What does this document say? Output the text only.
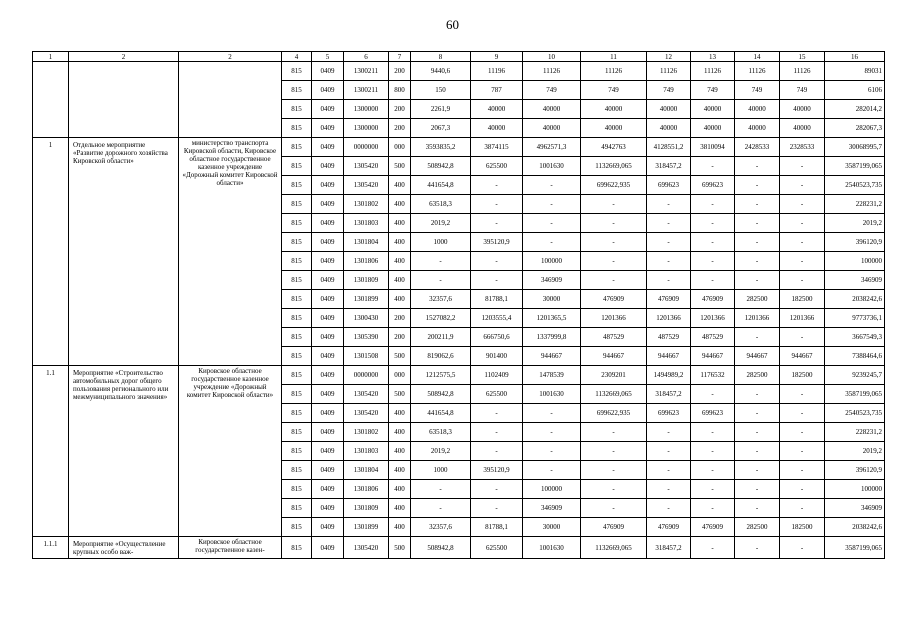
60
1	2	2	4	5	6	7	8	9	10	11	12	13	14	15	16
			815	0409	1300211	200	9440,6	11196	11126	11126	11126	11126	11126	11126	89031
			815	0409	1300211	800	150	787	749	749	749	749	749	749	6106
			815	0409	1300000	200	2261,9	40000	40000	40000	40000	40000	40000	40000	282014,2
			815	0409	1300000	200	2067,3	40000	40000	40000	40000	40000	40000	40000	282067,3
1	Отдельное мероприятие «Развитие дорожного хозяйства Кировской области»	министерство транспорта Кировской области, Кировское областное государственное казенное учреждение «Дорожный комитет Кировской области»	815	0409	0000000	000	3593835,2	3874115	4962571,3	4942763	4128551,2	3810094	2428533	2328533	30068995,7
			815	0409	1305420	500	508942,8	625500	1001630	1132669,065	318457,2	-	-	-	3587199,065
			815	0409	1305420	400	441654,8	-	-	699622,935	699623	699623	-	-	2540523,735
			815	0409	1301802	400	63518,3	-	-	-	-	-	-	-	228231,2
			815	0409	1301803	400	2019,2	-	-	-	-	-	-	-	2019,2
			815	0409	1301804	400	1000	395120,9	-	-	-	-	-	-	396120,9
			815	0409	1301806	400	-	-	100000	-	-	-	-	-	100000
			815	0409	1301809	400	-	-	346909	-	-	-	-	-	346909
			815	0409	1301899	400	32357,6	81788,1	30000	476909	476909	476909	282500	182500	2038242,6
			815	0409	1300430	200	1527082,2	1203555,4	1201365,5	1201366	1201366	1201366	1201366	1201366	9773736,1
			815	0409	1305390	200	200211,9	666750,6	1337999,8	487529	487529	487529	-	-	3667549,3
			815	0409	1301508	500	819062,6	901400	944667	944667	944667	944667	944667	944667	7388464,6
1.1	Мероприятие «Строительство автомобильных дорог общего пользования регионального или межмуниципального значения»	Кировское областное государственное казенное учреждение «Дорожный комитет Кировской области»	815	0409	0000000	000	1212575,5	1102409	1478539	2309201	1494989,2	1176532	282500	182500	9239245,7
			815	0409	1305420	500	508942,8	625500	1001630	1132669,065	318457,2	-	-	-	3587199,065
			815	0409	1305420	400	441654,8	-	-	699622,935	699623	699623	-	-	2540523,735
			815	0409	1301802	400	63518,3	-	-	-	-	-	-	-	228231,2
			815	0409	1301803	400	2019,2	-	-	-	-	-	-	-	2019,2
			815	0409	1301804	400	1000	395120,9	-	-	-	-	-	-	396120,9
			815	0409	1301806	400	-	-	100000	-	-	-	-	-	100000
			815	0409	1301809	400	-	-	346909	-	-	-	-	-	346909
			815	0409	1301899	400	32357,6	81788,1	30000	476909	476909	476909	282500	182500	2038242,6
1.1.1	Мероприятие «Осуществление крупных особо важ-	Кировское областное государственное казен-	815	0409	1305420	500	508942,8	625500	1001630	1132669,065	318457,2	-	-	-	3587199,065
